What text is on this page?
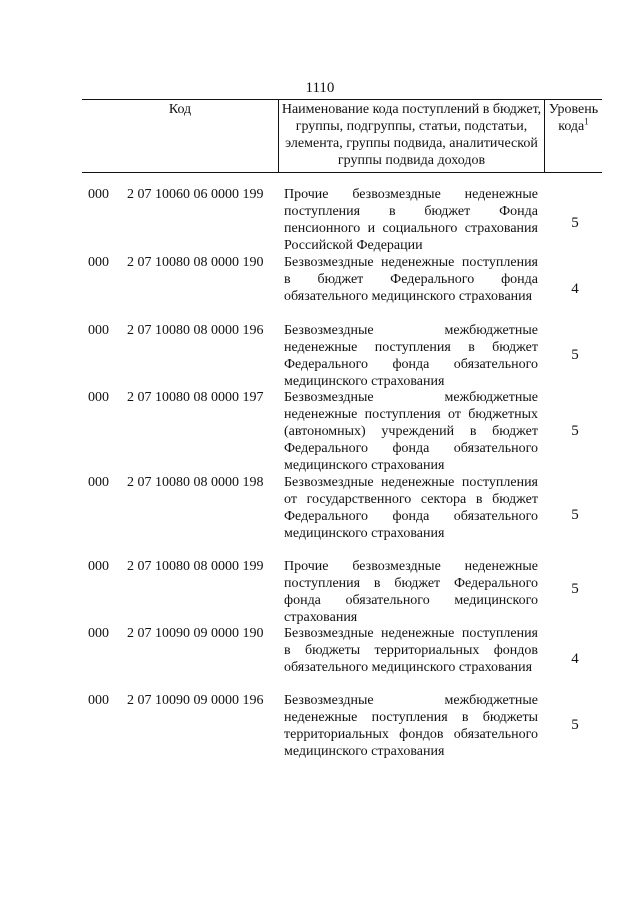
1110
Код	Наименование кода поступлений в бюджет, группы, подгруппы, статьи, подстатьи, элемента, группы подвида, аналитической группы подвида доходов
Уровень кода$^1$
000 2 07 10060 06 0000 199 Прочие безвозмездные неденежные поступления в бюджет Фонда пенсионного и социального страхования Российской Федерации
5
000 2 07 10080 08 0000 190 Безвозмездные неденежные поступления в бюджет Федерального фонда обязательного медицинского страхования	4
000 2 07 10080 08 0000 196 Безвозмездные межбюджетные неденежные поступления в бюджет Федерального фонда обязательного медицинского страхования
5
000 2 07 10080 08 0000 197 Безвозмездные межбюджетные неденежные поступления от бюджетных (автономных) учреждений в бюджет Федерального фонда обязательного медицинского страхования
5
000 2 07 10080 08 0000 198 Безвозмездные неденежные поступления от государственного сектора в бюджет Федерального фонда обязательного медицинского страхования
5
000 2 07 10080 08 0000 199 Прочие безвозмездные неденежные поступления в бюджет Федерального фонда обязательного медицинского страхования
5
000 2 07 10090 09 0000 190 Безвозмездные неденежные поступления в бюджеты территориальных фондов обязательного медицинского страхования
4
000 2 07 10090 09 0000 196 Безвозмездные межбюджетные неденежные поступления в бюджеты территориальных фондов обязательного медицинского страхования
5
